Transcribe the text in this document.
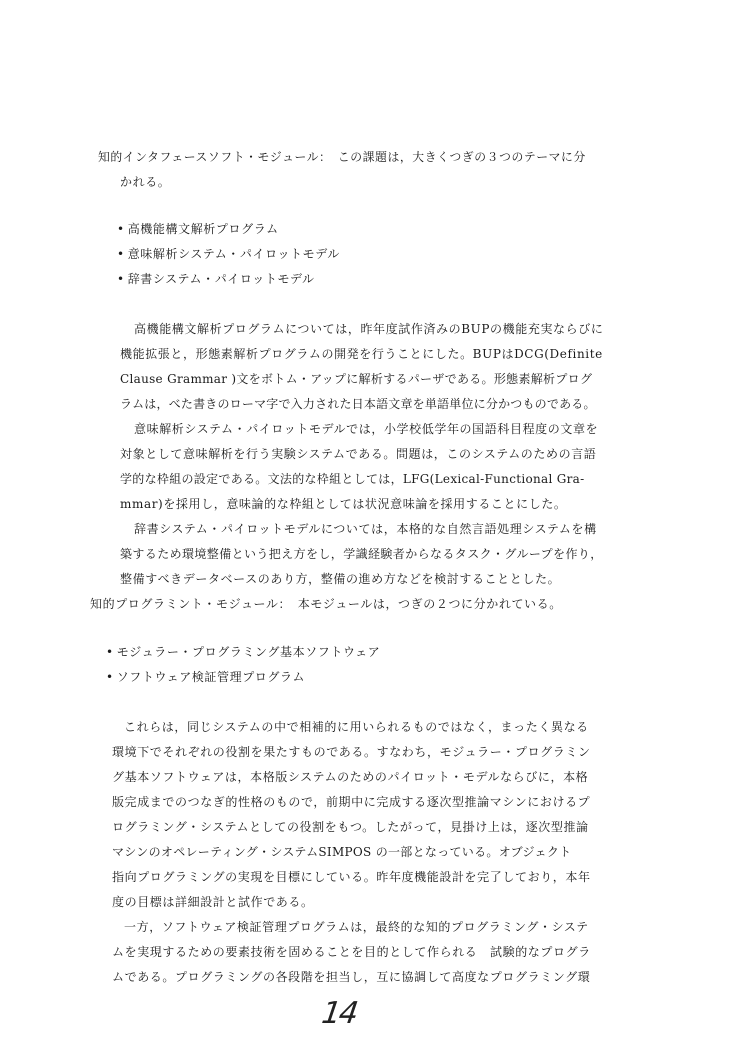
知的インタフェースソフト・モジュール：　この課題は，大きくつぎの３つのテーマに分
かれる。
• 高機能構文解析プログラム
• 意味解析システム・パイロットモデル
• 辞書システム・パイロットモデル
高機能構文解析プログラムについては，昨年度試作済みのBUPの機能充実ならびに
機能拡張と，形態素解析プログラムの開発を行うことにした。BUPはDCG(Definite
Clause Grammar )文をボトム・アップに解析するパーザである。形態素解析プログ
ラムは，べた書きのローマ字で入力された日本語文章を単語単位に分かつものである。
意味解析システム・パイロットモデルでは，小学校低学年の国語科目程度の文章を
対象として意味解析を行う実験システムである。問題は，このシステムのための言語
学的な枠組の設定である。文法的な枠組としては，LFG(Lexical-Functional Gra-
mmar)を採用し，意味論的な枠組としては状況意味論を採用することにした。
辞書システム・パイロットモデルについては，本格的な自然言語処理システムを構
築するため環境整備という把え方をし，学識経験者からなるタスク・グループを作り，
整備すべきデータベースのあり方，整備の進め方などを検討することとした。
知的プログラミント・モジュール：　本モジュールは，つぎの２つに分かれている。
• モジュラー・プログラミング基本ソフトウェア
• ソフトウェア検証管理プログラム
これらは，同じシステムの中で相補的に用いられるものではなく，まったく異なる
環境下でそれぞれの役割を果たすものである。すなわち，モジュラー・プログラミン
グ基本ソフトウェアは，本格版システムのためのパイロット・モデルならびに，本格
版完成までのつなぎ的性格のもので，前期中に完成する逐次型推論マシンにおけるプ
ログラミング・システムとしての役割をもつ。したがって，見掛け上は，逐次型推論
マシンのオペレーティング・システムSIMPOS の一部となっている。オブジェクト
指向プログラミングの実現を目標にしている。昨年度機能設計を完了しており，本年
度の目標は詳細設計と試作である。
一方，ソフトウェア検証管理プログラムは，最終的な知的プログラミング・システ
ムを実現するための要素技術を固めることを目的として作られる　試験的なプログラ
ムである。プログラミングの各段階を担当し，互に協調して高度なプログラミング環
14
